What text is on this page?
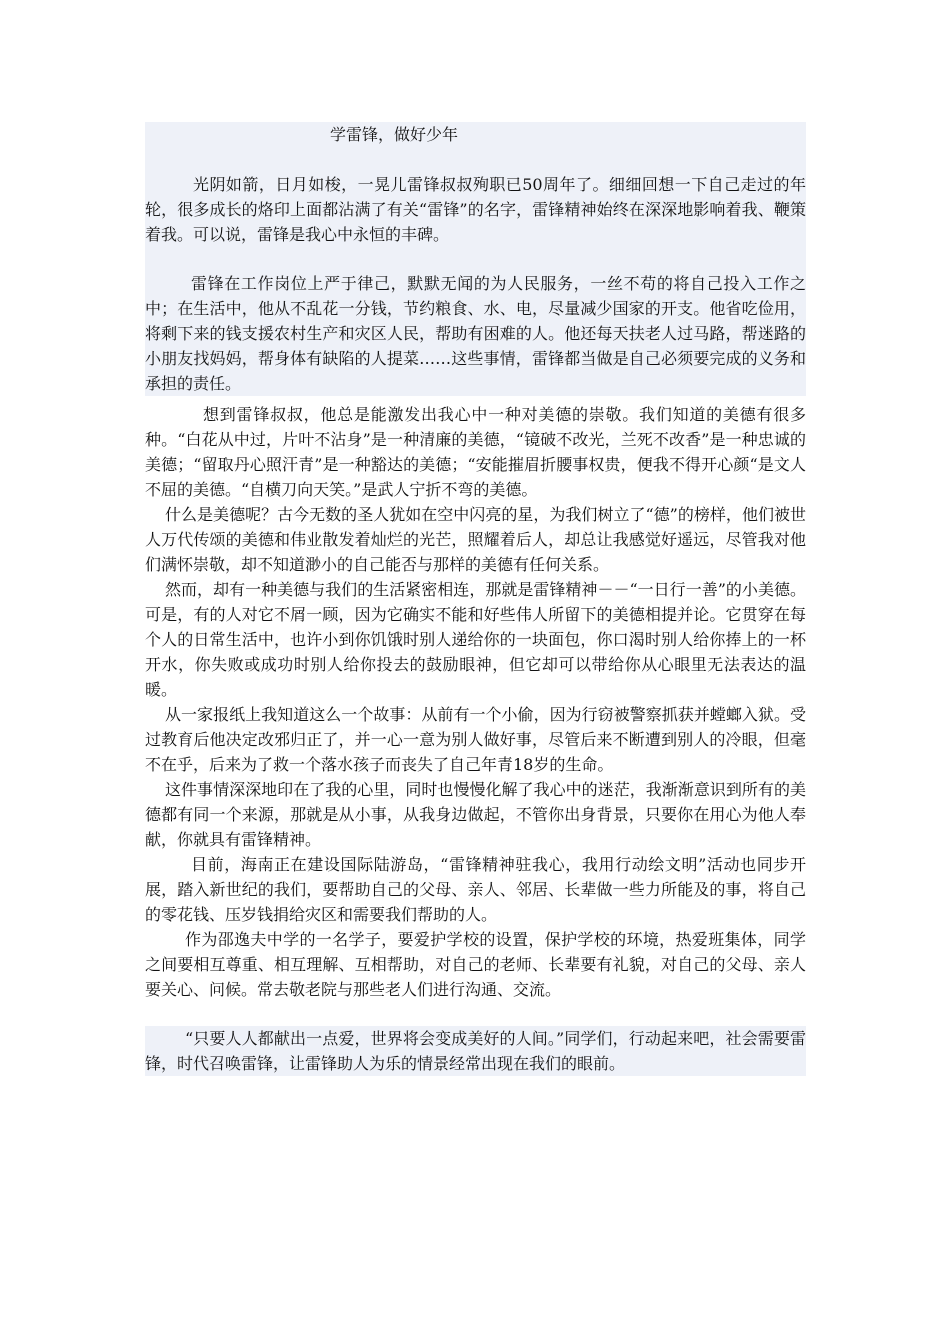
学雷锋，做好少年

光阴如箭，日月如梭，一晃儿雷锋叔叔殉职已50周年了。细细回想一下自己走过的年轮，很多成长的烙印上面都沾满了有关“雷锋”的名字，雷锋精神始终在深深地影响着我、鞭策着我。可以说，雷锋是我心中永恒的丰碑。

雷锋在工作岗位上严于律己，默默无闻的为人民服务，一丝不苟的将自己投入工作之中；在生活中，他从不乱花一分钱，节约粮食、水、电，尽量减少国家的开支。他省吃俭用，将剩下来的钱支援农村生产和灾区人民，帮助有困难的人。他还每天扶老人过马路，帮迷路的小朋友找妈妈，帮身体有缺陷的人提菜……这些事情，雷锋都当做是自己必须要完成的义务和承担的责任。

想到雷锋叔叔，他总是能激发出我心中一种对美德的崇敬。我们知道的美德有很多种。“白花从中过，片叶不沾身”是一种清廉的美德，“镜破不改光，兰死不改香”是一种忠诚的美德；“留取丹心照汗青”是一种豁达的美德；“安能摧眉折腰事权贵，便我不得开心颜“是文人不屈的美德。“自横刀向天笑。”是武人宁折不弯的美德。

什么是美德呢？古今无数的圣人犹如在空中闪亮的星，为我们树立了“德”的榜样，他们被世人万代传颂的美德和伟业散发着灿烂的光芒，照耀着后人，却总让我感觉好遥远，尽管我对他们满怀崇敬，却不知道渺小的自己能否与那样的美德有任何关系。

然而，却有一种美德与我们的生活紧密相连，那就是雷锋精神－－“一日行一善”的小美德。可是，有的人对它不屑一顾，因为它确实不能和好些伟人所留下的美德相提并论。它贯穿在每个人的日常生活中，也许小到你饥饿时别人递给你的一块面包，你口渴时别人给你捧上的一杯开水，你失败或成功时别人给你投去的鼓励眼神，但它却可以带给你从心眼里无法表达的温暖。

从一家报纸上我知道这么一个故事：从前有一个小偷，因为行窃被警察抓获并螳螂入狱。受过教育后他决定改邪归正了，并一心一意为别人做好事，尽管后来不断遭到别人的冷眼，但毫不在乎，后来为了救一个落水孩子而丧失了自己年青18岁的生命。

这件事情深深地印在了我的心里，同时也慢慢化解了我心中的迷茫，我渐渐意识到所有的美德都有同一个来源，那就是从小事，从我身边做起，不管你出身背景，只要你在用心为他人奉献，你就具有雷锋精神。

目前，海南正在建设国际陆游岛，“雷锋精神驻我心，我用行动绘文明”活动也同步开展，踏入新世纪的我们，要帮助自己的父母、亲人、邻居、长辈做一些力所能及的事，将自己的零花钱、压岁钱捐给灾区和需要我们帮助的人。

作为邵逸夫中学的一名学子，要爱护学校的设置，保护学校的环境，热爱班集体，同学之间要相互尊重、相互理解、互相帮助，对自己的老师、长辈要有礼貌，对自己的父母、亲人要关心、问候。常去敬老院与那些老人们进行沟通、交流。

“只要人人都献出一点爱，世界将会变成美好的人间。”同学们，行动起来吧，社会需要雷锋，时代召唤雷锋，让雷锋助人为乐的情景经常出现在我们的眼前。
